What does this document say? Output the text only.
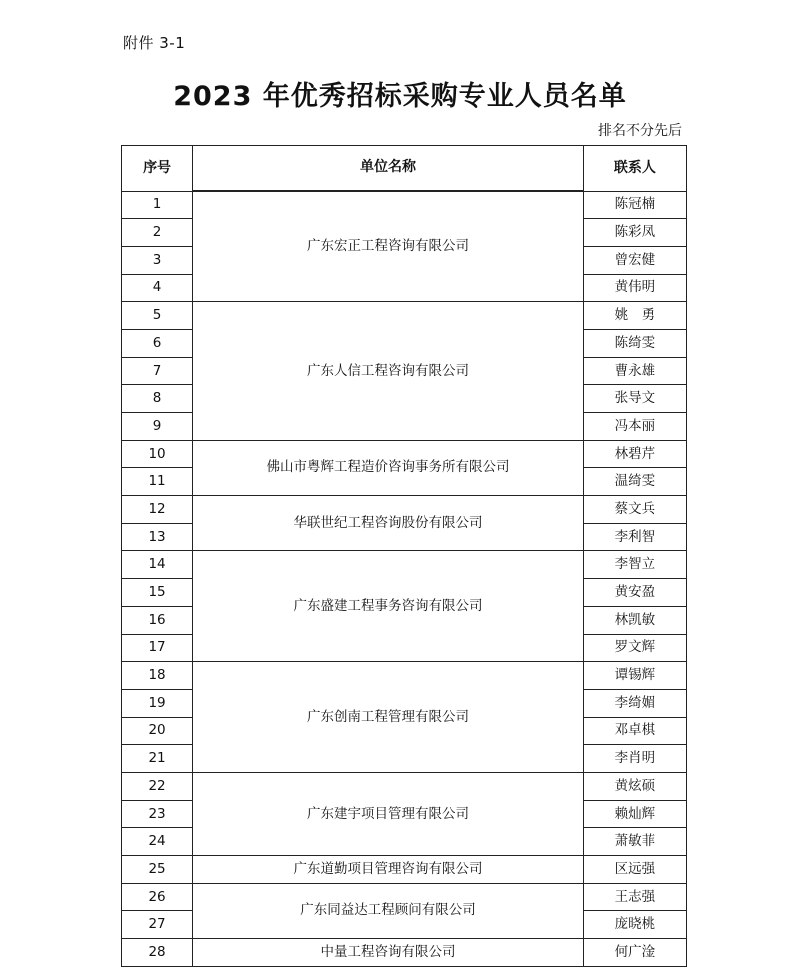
附件 3-1
2023 年优秀招标采购专业人员名单
排名不分先后
序号	单位名称	联系人
1	广东宏正工程咨询有限公司	陈冠楠
2		陈彩凤
3		曾宏健
4		黄伟明
5	广东人信工程咨询有限公司	姚　勇
6		陈绮雯
7		曹永雄
8		张导文
9		冯本丽
10	佛山市粤辉工程造价咨询事务所有限公司	林碧芹
11		温绮雯
12	华联世纪工程咨询股份有限公司	蔡文兵
13		李利智
14	广东盛建工程事务咨询有限公司	李智立
15		黄安盈
16		林凯敏
17		罗文辉
18	广东创南工程管理有限公司	谭锡辉
19		李绮媚
20		邓卓棋
21		李肖明
22	广东建宇项目管理有限公司	黄炫硕
23		赖灿辉
24		萧敏菲
25	广东道勤项目管理咨询有限公司	区远强
26	广东同益达工程顾问有限公司	王志强
27		庞晓桃
28	中量工程咨询有限公司	何广淦
